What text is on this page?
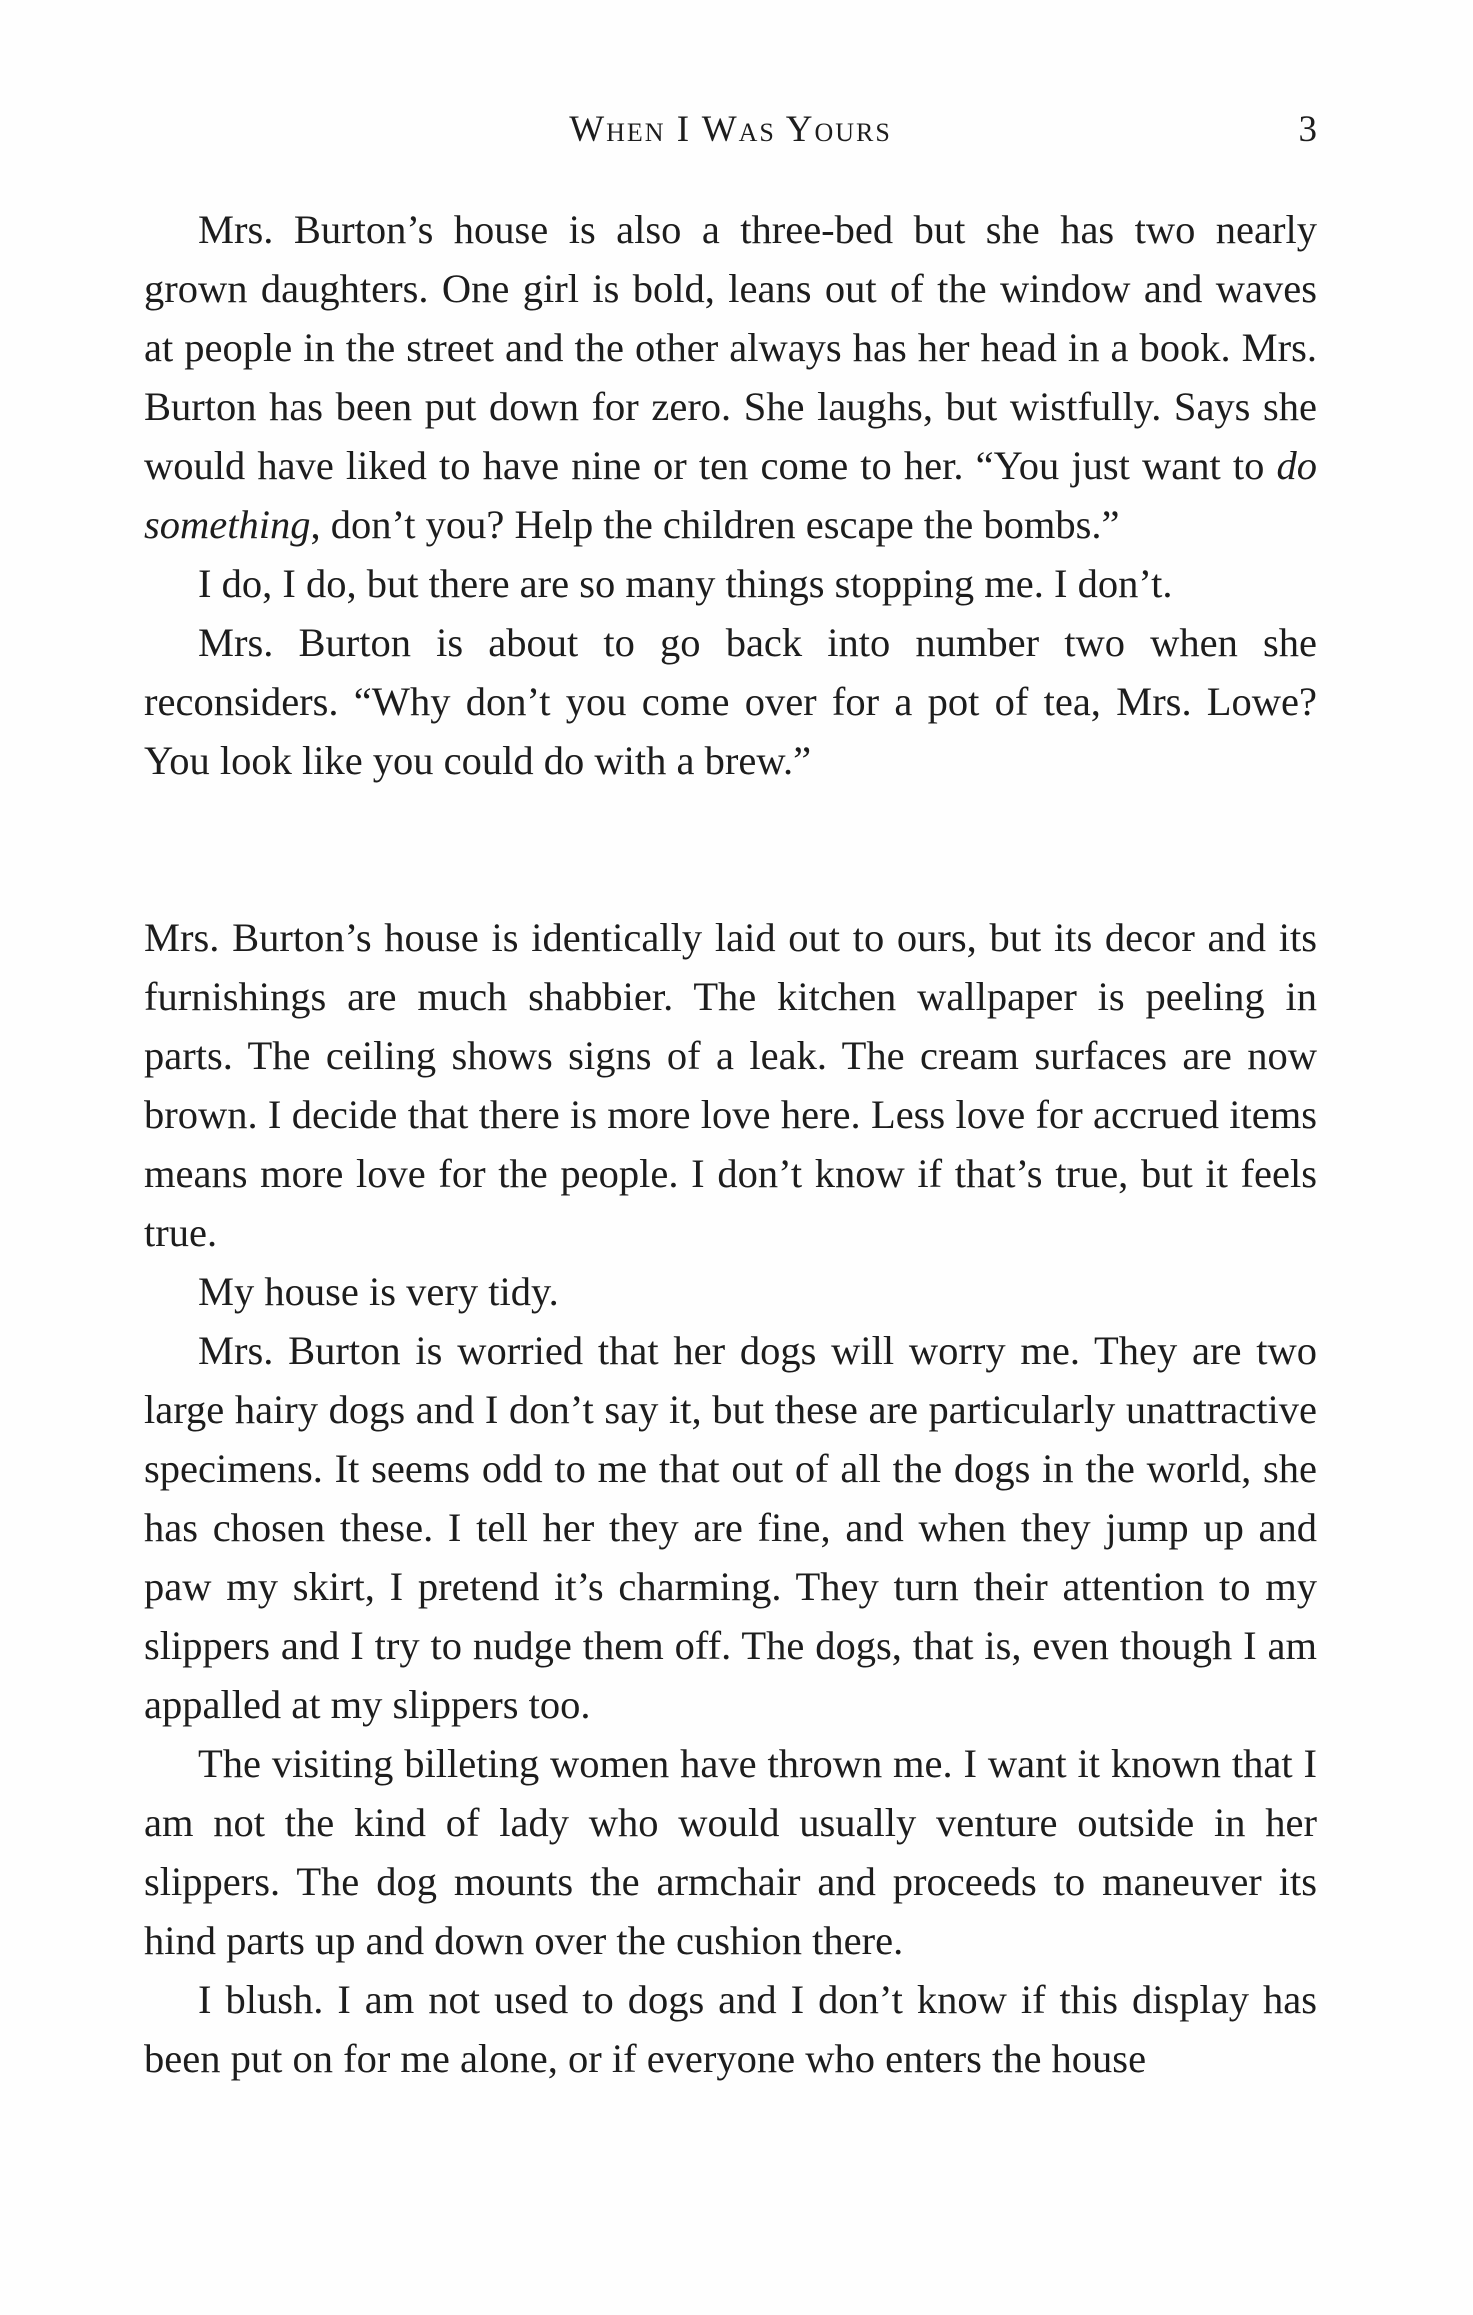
When I Was Yours	3

Mrs. Burton’s house is also a three-bed but she has two nearly grown daughters. One girl is bold, leans out of the window and waves at people in the street and the other always has her head in a book. Mrs. Burton has been put down for zero. She laughs, but wistfully. Says she would have liked to have nine or ten come to her. “You just want to do something, don’t you? Help the children escape the bombs.”

I do, I do, but there are so many things stopping me. I don’t.

Mrs. Burton is about to go back into number two when she reconsiders. “Why don’t you come over for a pot of tea, Mrs. Lowe? You look like you could do with a brew.”

Mrs. Burton’s house is identically laid out to ours, but its decor and its furnishings are much shabbier. The kitchen wallpaper is peeling in parts. The ceiling shows signs of a leak. The cream surfaces are now brown. I decide that there is more love here. Less love for accrued items means more love for the people. I don’t know if that’s true, but it feels true.

My house is very tidy.

Mrs. Burton is worried that her dogs will worry me. They are two large hairy dogs and I don’t say it, but these are particularly unattractive specimens. It seems odd to me that out of all the dogs in the world, she has chosen these. I tell her they are fine, and when they jump up and paw my skirt, I pretend it’s charming. They turn their attention to my slippers and I try to nudge them off. The dogs, that is, even though I am appalled at my slippers too.

The visiting billeting women have thrown me. I want it known that I am not the kind of lady who would usually venture outside in her slippers. The dog mounts the armchair and proceeds to maneuver its hind parts up and down over the cushion there.

I blush. I am not used to dogs and I don’t know if this display has been put on for me alone, or if everyone who enters the house
